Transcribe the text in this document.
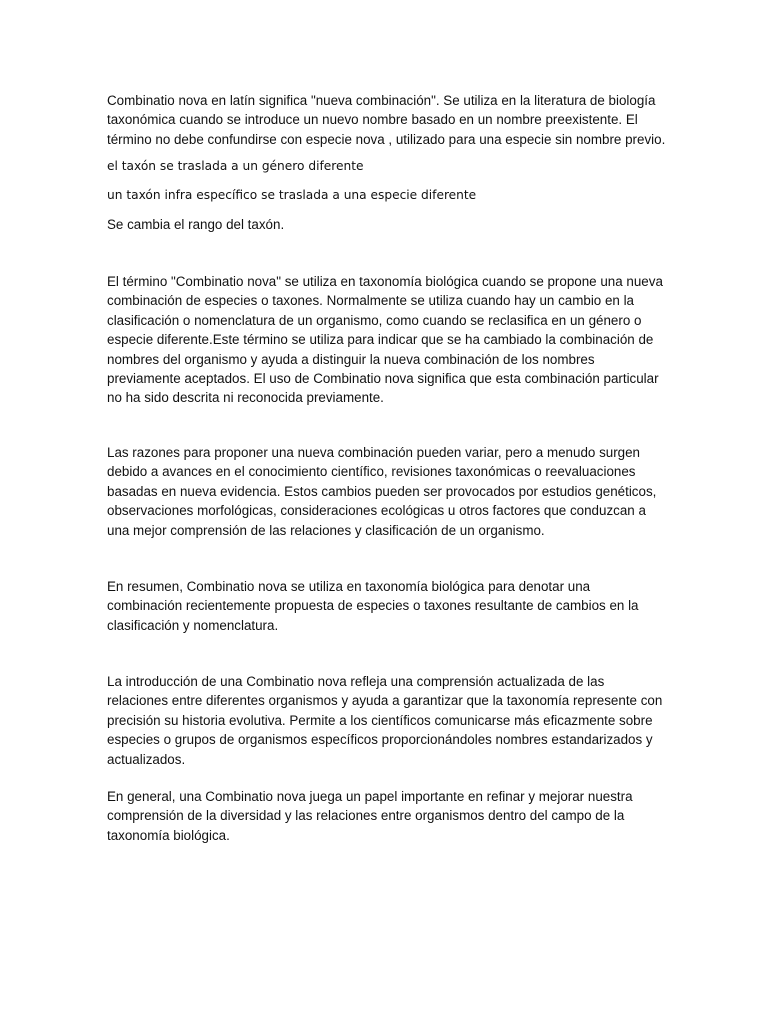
Combinatio nova en latín significa "nueva combinación". Se utiliza en la literatura de biología taxonómica cuando se introduce un nuevo nombre basado en un nombre preexistente. El término no debe confundirse con especie nova , utilizado para una especie sin nombre previo.

el taxón se traslada a un género diferente

un taxón infra específico se traslada a una especie diferente

Se cambia el rango del taxón.

El término "Combinatio nova" se utiliza en taxonomía biológica cuando se propone una nueva combinación de especies o taxones. Normalmente se utiliza cuando hay un cambio en la clasificación o nomenclatura de un organismo, como cuando se reclasifica en un género o especie diferente.Este término se utiliza para indicar que se ha cambiado la combinación de nombres del organismo y ayuda a distinguir la nueva combinación de los nombres previamente aceptados. El uso de Combinatio nova significa que esta combinación particular no ha sido descrita ni reconocida previamente.

Las razones para proponer una nueva combinación pueden variar, pero a menudo surgen debido a avances en el conocimiento científico, revisiones taxonómicas o reevaluaciones basadas en nueva evidencia. Estos cambios pueden ser provocados por estudios genéticos, observaciones morfológicas, consideraciones ecológicas u otros factores que conduzcan a una mejor comprensión de las relaciones y clasificación de un organismo.

En resumen, Combinatio nova se utiliza en taxonomía biológica para denotar una combinación recientemente propuesta de especies o taxones resultante de cambios en la clasificación y nomenclatura.

La introducción de una Combinatio nova refleja una comprensión actualizada de las relaciones entre diferentes organismos y ayuda a garantizar que la taxonomía represente con precisión su historia evolutiva. Permite a los científicos comunicarse más eficazmente sobre especies o grupos de organismos específicos proporcionándoles nombres estandarizados y actualizados.

En general, una Combinatio nova juega un papel importante en refinar y mejorar nuestra comprensión de la diversidad y las relaciones entre organismos dentro del campo de la taxonomía biológica.
